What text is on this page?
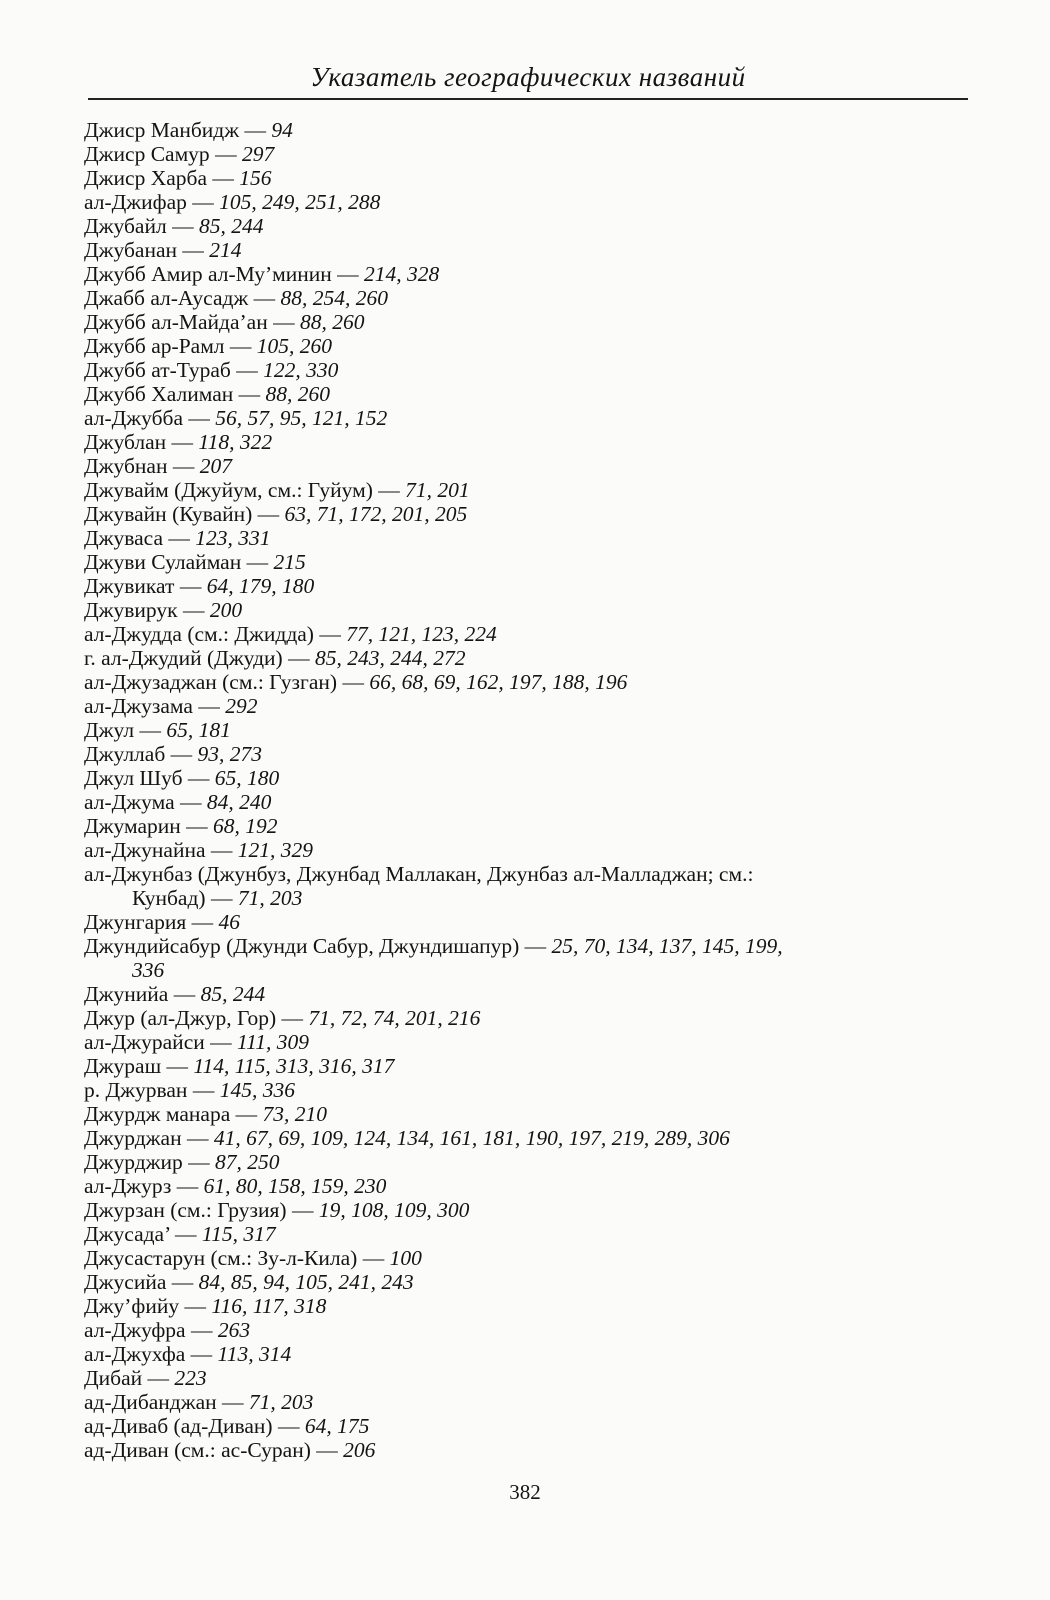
Указатель географических названий
Джиср Манбидж — 94
Джиср Самур — 297
Джиср Харба — 156
ал-Джифар — 105, 249, 251, 288
Джубайл — 85, 244
Джубанан — 214
Джубб Амир ал-Му’минин — 214, 328
Джабб ал-Аусадж — 88, 254, 260
Джубб ал-Майда’ан — 88, 260
Джубб ар-Рамл — 105, 260
Джубб ат-Тураб — 122, 330
Джубб Халиман — 88, 260
ал-Джубба — 56, 57, 95, 121, 152
Джублан — 118, 322
Джубнан — 207
Джувайм (Джуйум, см.: Гуйум) — 71, 201
Джувайн (Кувайн) — 63, 71, 172, 201, 205
Джуваса — 123, 331
Джуви Сулайман — 215
Джувикат — 64, 179, 180
Джувирук — 200
ал-Джудда (см.: Джидда) — 77, 121, 123, 224
г. ал-Джудий (Джуди) — 85, 243, 244, 272
ал-Джузаджан (см.: Гузган) — 66, 68, 69, 162, 197, 188, 196
ал-Джузама — 292
Джул — 65, 181
Джуллаб — 93, 273
Джул Шуб — 65, 180
ал-Джума — 84, 240
Джумарин — 68, 192
ал-Джунайна — 121, 329
ал-Джунбаз (Джунбуз, Джунбад Маллакан, Джунбаз ал-Малладжан; см.:
Кунбад) — 71, 203
Джунгария — 46
Джундийсабур (Джунди Сабур, Джундишапур) — 25, 70, 134, 137, 145, 199,
336
Джунийа — 85, 244
Джур (ал-Джур, Гор) — 71, 72, 74, 201, 216
ал-Джурайси — 111, 309
Джураш — 114, 115, 313, 316, 317
р. Джурван — 145, 336
Джурдж манара — 73, 210
Джурджан — 41, 67, 69, 109, 124, 134, 161, 181, 190, 197, 219, 289, 306
Джурджир — 87, 250
ал-Джурз — 61, 80, 158, 159, 230
Джурзан (см.: Грузия) — 19, 108, 109, 300
Джусада’ — 115, 317
Джусастарун (см.: Зу-л-Кила) — 100
Джусийа — 84, 85, 94, 105, 241, 243
Джу’фийу — 116, 117, 318
ал-Джуфра — 263
ал-Джухфа — 113, 314
Дибай — 223
ад-Дибанджан — 71, 203
ад-Диваб (ад-Диван) — 64, 175
ад-Диван (см.: ас-Суран) — 206
382
